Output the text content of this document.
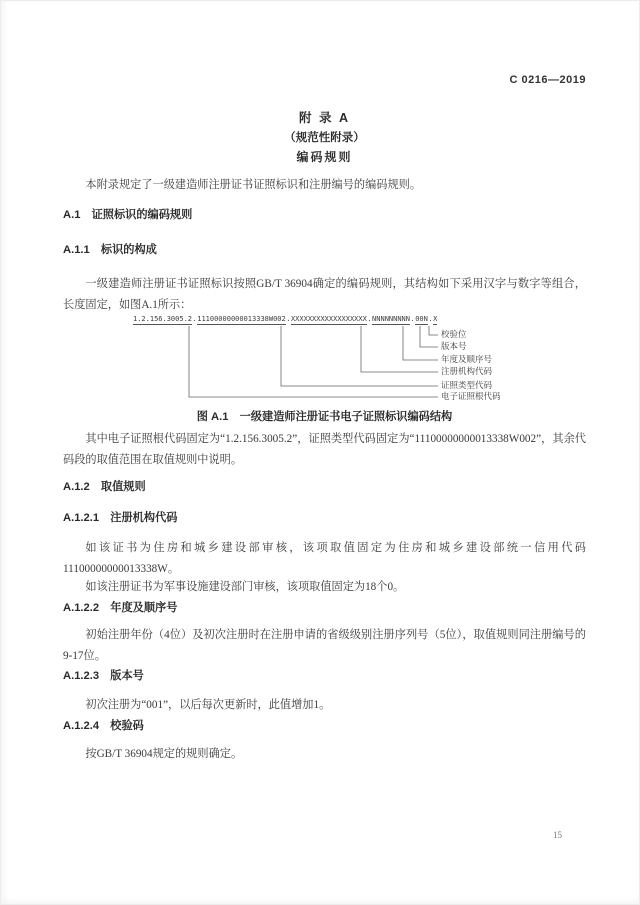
C 0216—2019
附 录 A
（规范性附录）
编码规则

本附录规定了一级建造师注册证书证照标识和注册编号的编码规则。

A.1　证照标识的编码规则
A.1.1　标识的构成

一级建造师注册证书证照标识按照GB/T 36904确定的编码规则，其结构如下采用汉字与数字等组合，长度固定，如图A.1所示：

1.2.156.3005.2.11100000000013338W002.XXXXXXXXXXXXXXXXXX.NNNNNNNNN.00N.X
校验位
版本号
年度及顺序号
注册机构代码
证照类型代码
电子证照根代码
图 A.1　一级建造师注册证书电子证照标识编码结构

其中电子证照根代码固定为“1.2.156.3005.2”，证照类型代码固定为“11100000000013338W002”，其余代码段的取值范围在取值规则中说明。

A.1.2　取值规则
A.1.2.1　注册机构代码

如该证书为住房和城乡建设部审核，该项取值固定为住房和城乡建设部统一信用代码11100000000013338W。

如该注册证书为军事设施建设部门审核，该项取值固定为18个0。

A.1.2.2　年度及顺序号

初始注册年份（4位）及初次注册时在注册申请的省级级别注册序列号（5位），取值规则同注册编号的9-17位。

A.1.2.3　版本号

初次注册为“001”，以后每次更新时，此值增加1。

A.1.2.4　校验码

按GB/T 36904规定的规则确定。

15
